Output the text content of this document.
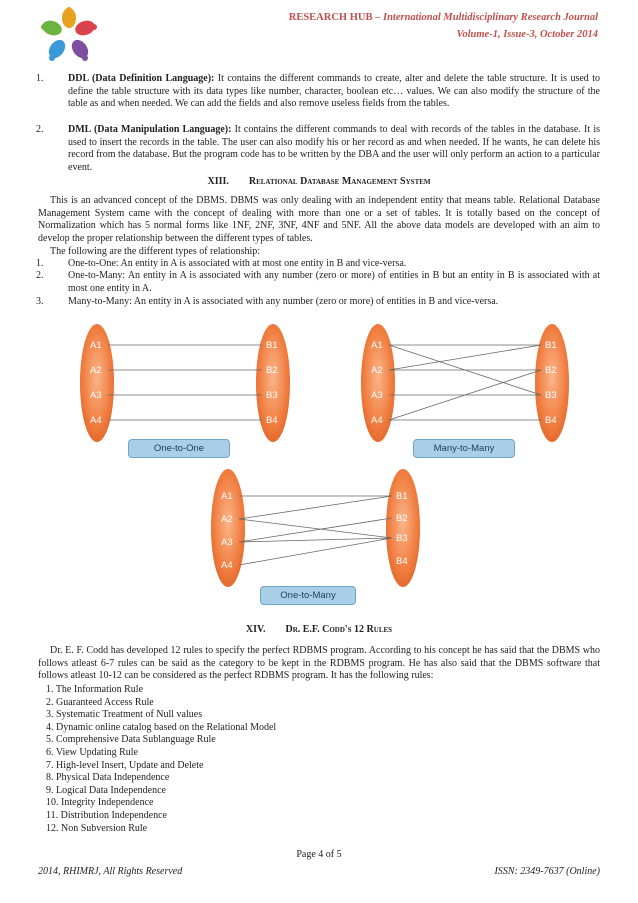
RESEARCH HUB – International Multidisciplinary Research Journal
Volume-1, Issue-3, October 2014
1. DDL (Data Definition Language): It contains the different commands to create, alter and delete the table structure. It is used to define the table structure with its data types like number, character, boolean etc… values. We can also modify the structure of the table as and when needed. We can add the fields and also remove useless fields from the tables.
2. DML (Data Manipulation Language): It contains the different commands to deal with records of the tables in the database. It is used to insert the records in the table. The user can also modify his or her record as and when needed. If he wants, he can delete his record from the database. But the program code has to be written by the DBA and the user will only perform an action to a particular event.
XIII. Relational Database Management System
This is an advanced concept of the DBMS. DBMS was only dealing with an independent entity that means table. Relational Database Management System came with the concept of dealing with more than one or a set of tables. It is totally based on the concept of Normalization which has 5 normal forms like 1NF, 2NF, 3NF, 4NF and 5NF. All the above data models are developed with an aim to develop the proper relationship between the different types of tables.
The following are the different types of relationship:
1. One-to-One: An entity in A is associated with at most one entity in B and vice-versa.
2. One-to-Many: An entity in A is associated with any number (zero or more) of entities in B but an entity in B is associated with at most one entity in A.
3. Many-to-Many: An entity in A is associated with any number (zero or more) of entities in B and vice-versa.
A1
A2
A3
A4
B1
B2
B3
B4
A1
A2
A3
A4
B1
B2
B3
B4
A1
A2
A3
A4
B1
B2
B3
B4
One-to-One	Many-to-Many
One-to-Many
XIV. Dr. E.F. Codd's 12 Rules
Dr. E. F. Codd has developed 12 rules to specify the perfect RDBMS program. According to his concept he has said that the DBMS who follows atleast 6-7 rules can be said as the category to be kept in the RDBMS program. He has also said that the DBMS software that follows atleast 10-12 can be considered as the perfect RDBMS program. It has the following rules:
1. The Information Rule
2. Guaranteed Access Rule
3. Systematic Treatment of Null values
4. Dynamic online catalog based on the Relational Model
5. Comprehensive Data Sublanguage Rule
6. View Updating Rule
7. High-level Insert, Update and Delete
8. Physical Data Independence
9. Logical Data Independence
10. Integrity Independence
11. Distribution Independence
12. Non Subversion Rule
Page 4 of 5
2014, RHIMRJ, All Rights Reserved	ISSN: 2349-7637 (Online)
